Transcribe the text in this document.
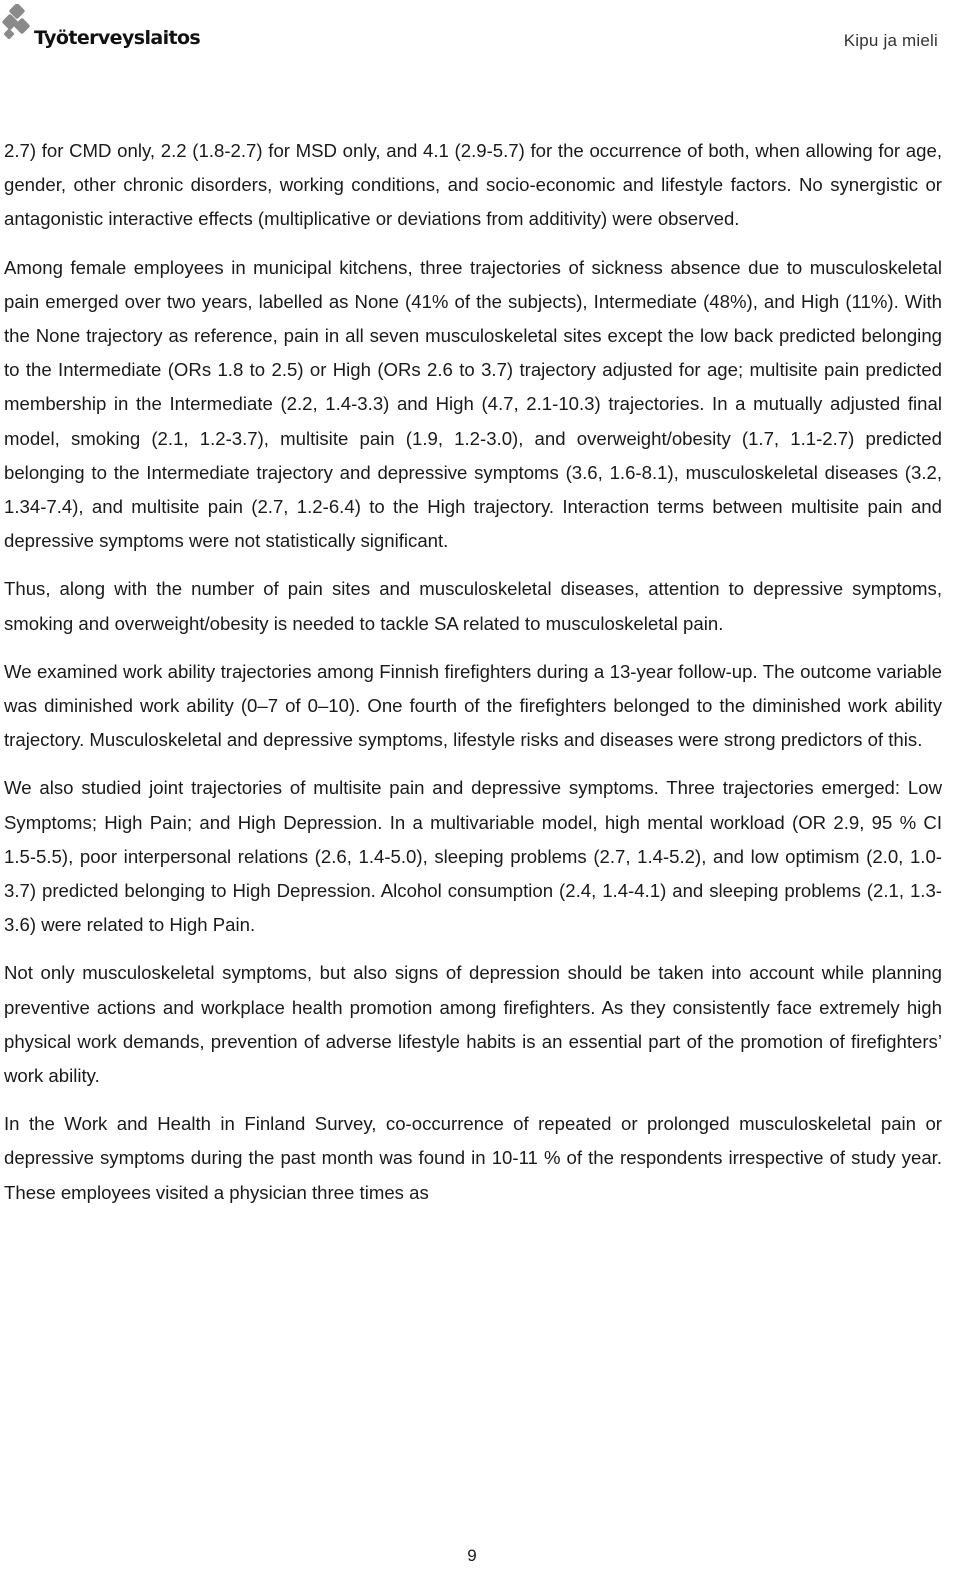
Työterveyslaitos	Kipu ja mieli

2.7) for CMD only, 2.2 (1.8-2.7) for MSD only, and 4.1 (2.9-5.7) for the occurrence of both, when allowing for age, gender, other chronic disorders, working conditions, and socio-economic and lifestyle factors. No synergistic or antagonistic interactive effects (multiplicative or deviations from additivity) were observed.

Among female employees in municipal kitchens, three trajectories of sickness absence due to musculoskeletal pain emerged over two years, labelled as None (41% of the subjects), Intermediate (48%), and High (11%). With the None trajectory as reference, pain in all seven musculoskeletal sites except the low back predicted belonging to the Intermediate (ORs 1.8 to 2.5) or High (ORs 2.6 to 3.7) trajectory adjusted for age; multisite pain predicted membership in the Intermediate (2.2, 1.4-3.3) and High (4.7, 2.1-10.3) trajectories. In a mutually adjusted final model, smoking (2.1, 1.2-3.7), multisite pain (1.9, 1.2-3.0), and overweight/obesity (1.7, 1.1-2.7) predicted belonging to the Intermediate trajectory and depressive symptoms (3.6, 1.6-8.1), musculoskeletal diseases (3.2, 1.34-7.4), and multisite pain (2.7, 1.2-6.4) to the High trajectory. Interaction terms between multisite pain and depressive symptoms were not statistically significant.

Thus, along with the number of pain sites and musculoskeletal diseases, attention to depressive symptoms, smoking and overweight/obesity is needed to tackle SA related to musculoskeletal pain.

We examined work ability trajectories among Finnish firefighters during a 13-year follow-up. The outcome variable was diminished work ability (0–7 of 0–10). One fourth of the firefighters belonged to the diminished work ability trajectory. Musculoskeletal and depressive symptoms, lifestyle risks and diseases were strong predictors of this.

We also studied joint trajectories of multisite pain and depressive symptoms. Three trajectories emerged: Low Symptoms; High Pain; and High Depression. In a multivariable model, high mental workload (OR 2.9, 95 % CI 1.5-5.5), poor interpersonal relations (2.6, 1.4-5.0), sleeping problems (2.7, 1.4-5.2), and low optimism (2.0, 1.0-3.7) predicted belonging to High Depression. Alcohol consumption (2.4, 1.4-4.1) and sleeping problems (2.1, 1.3-3.6) were related to High Pain.

Not only musculoskeletal symptoms, but also signs of depression should be taken into account while planning preventive actions and workplace health promotion among firefighters. As they consistently face extremely high physical work demands, prevention of adverse lifestyle habits is an essential part of the promotion of firefighters’ work ability.

In the Work and Health in Finland Survey, co-occurrence of repeated or prolonged musculoskeletal pain or depressive symptoms during the past month was found in 10-11 % of the respondents irrespective of study year. These employees visited a physician three times as

9
